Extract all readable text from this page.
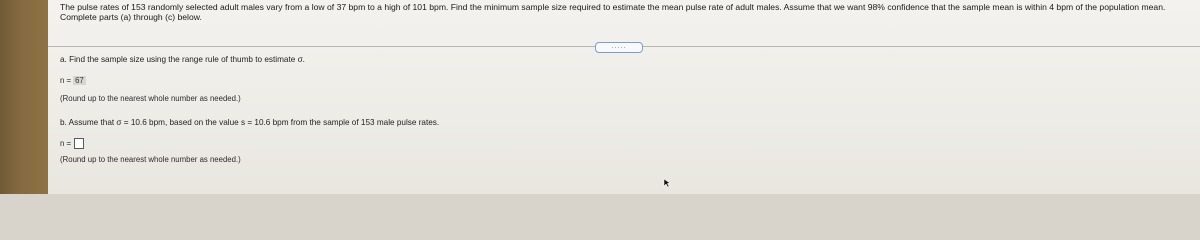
The pulse rates of 153 randomly selected adult males vary from a low of 37 bpm to a high of 101 bpm. Find the minimum sample size required to estimate the mean pulse rate of adult males. Assume that we want 98% confidence that the sample mean is within 4 bpm of the population mean. Complete parts (a) through (c) below.
.....
a. Find the sample size using the range rule of thumb to estimate σ.
n = 67
(Round up to the nearest whole number as needed.)
b. Assume that σ = 10.6 bpm, based on the value s = 10.6 bpm from the sample of 153 male pulse rates.
n =
(Round up to the nearest whole number as needed.)
